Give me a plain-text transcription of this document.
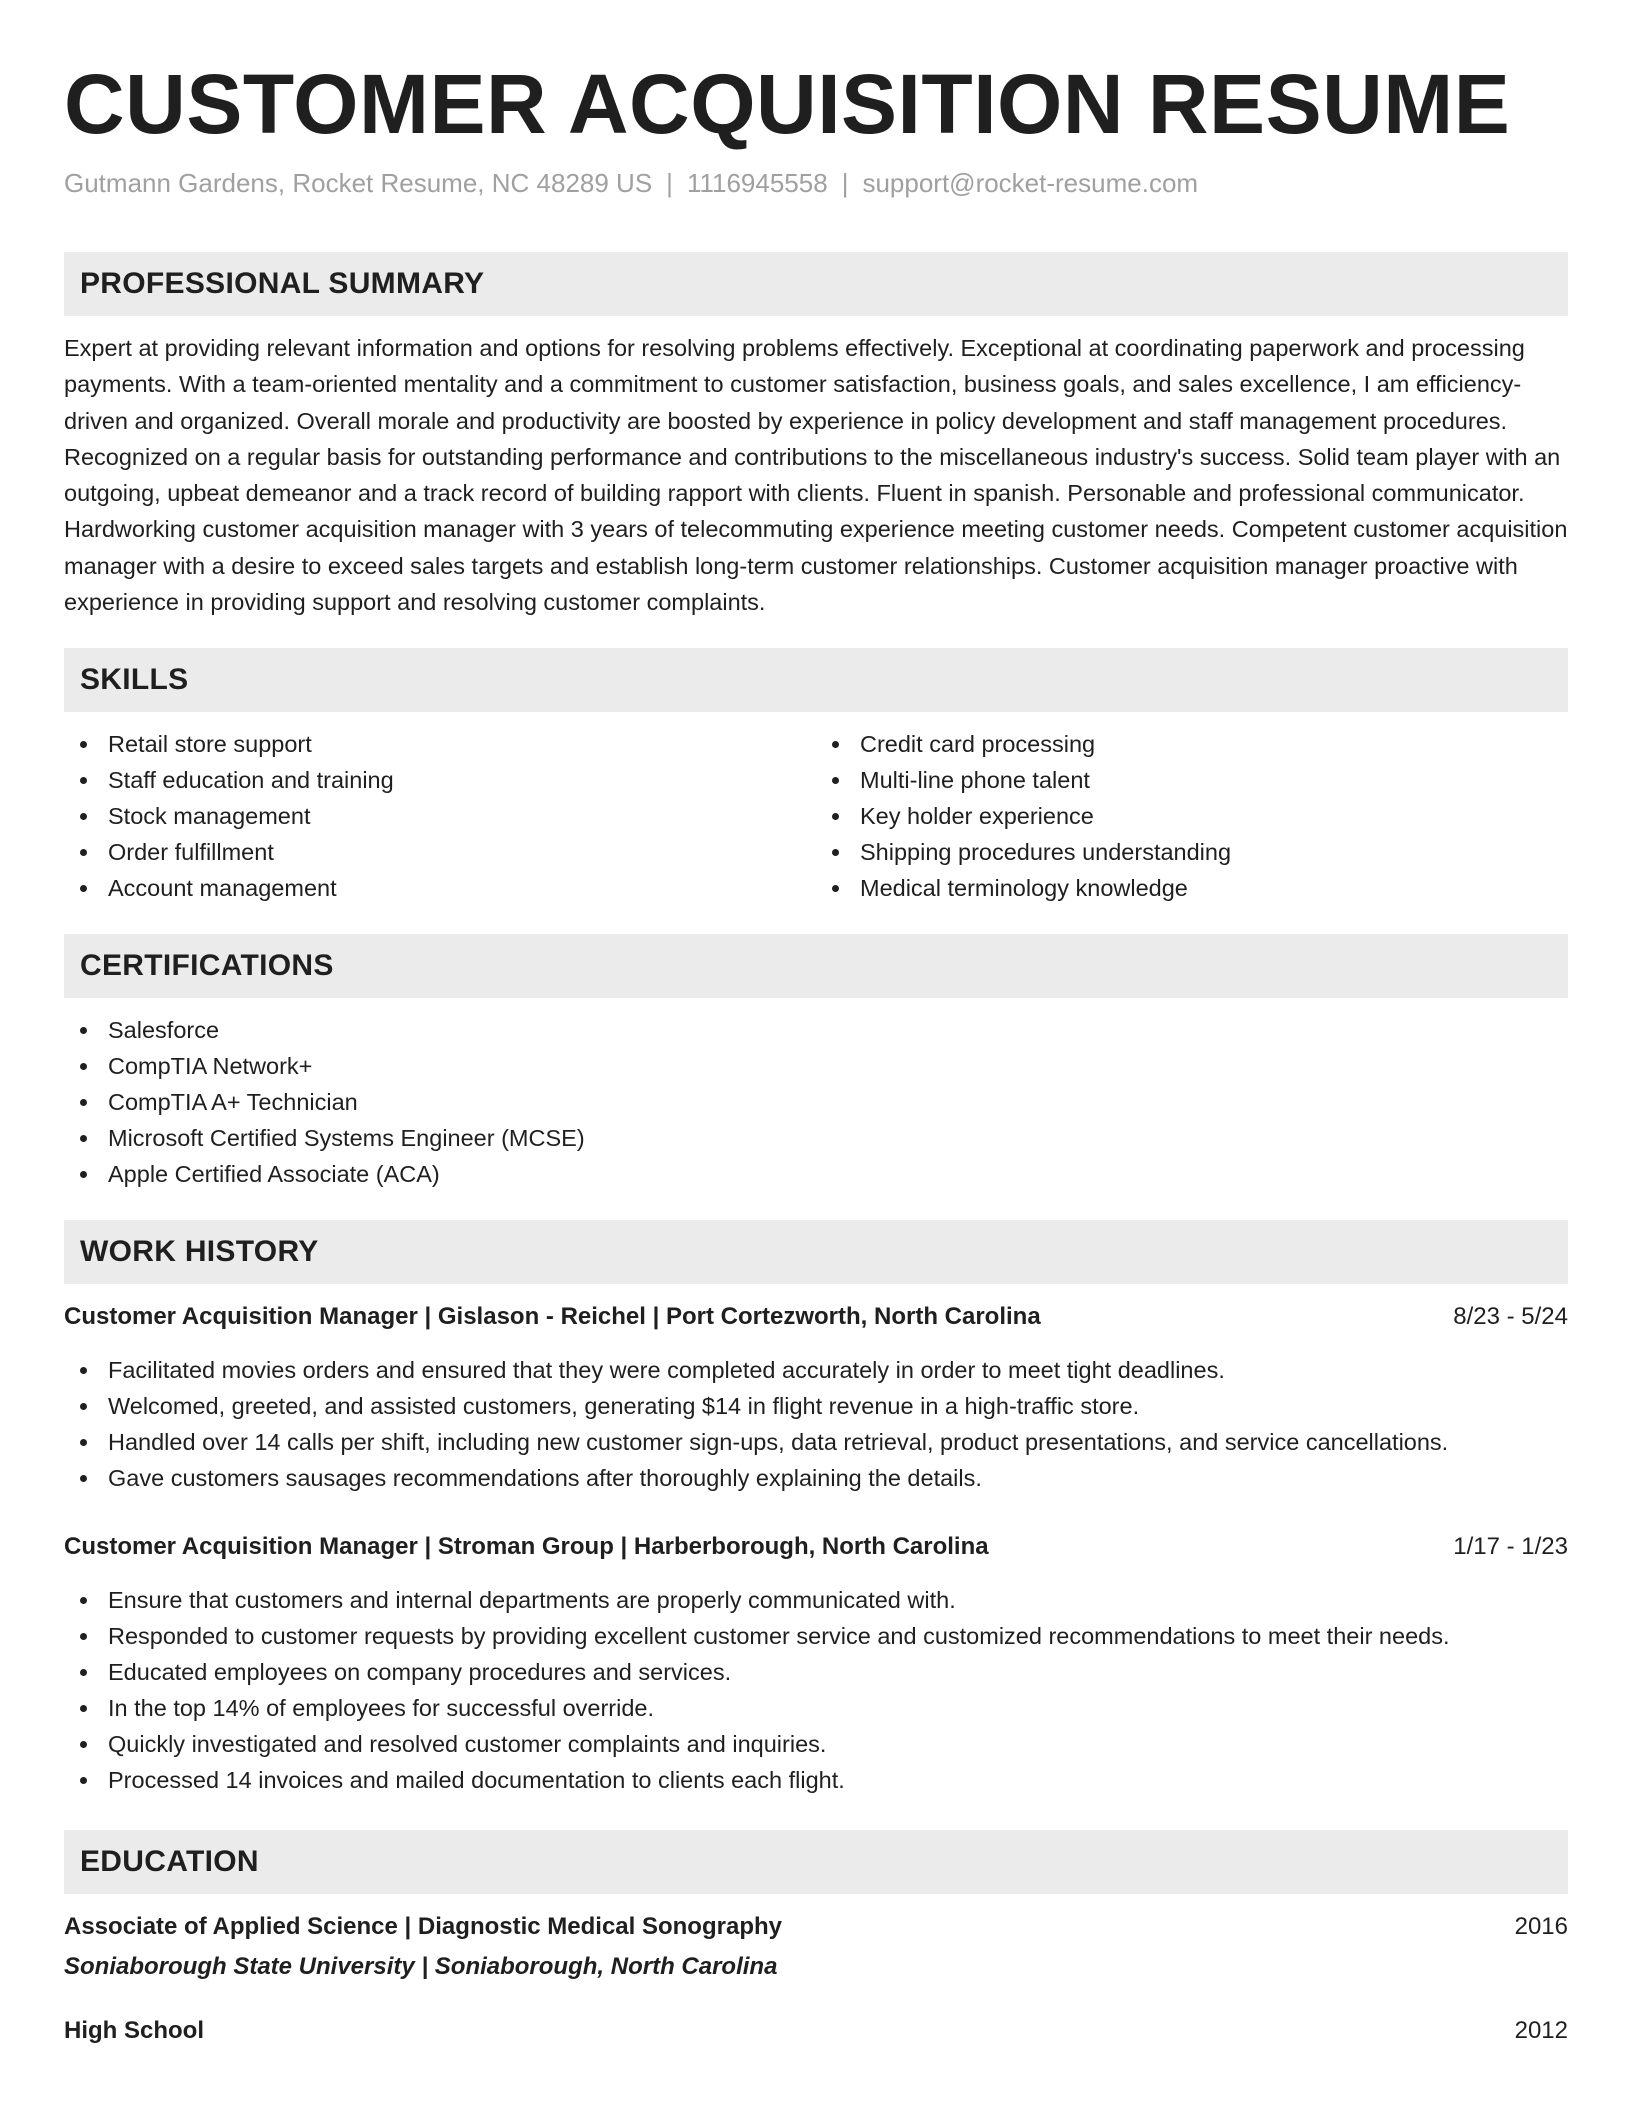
CUSTOMER ACQUISITION RESUME
Gutmann Gardens, Rocket Resume, NC 48289 US | 1116945558 | support@rocket-resume.com
PROFESSIONAL SUMMARY

Expert at providing relevant information and options for resolving problems effectively. Exceptional at coordinating paperwork and processing payments. With a team-oriented mentality and a commitment to customer satisfaction, business goals, and sales excellence, I am efficiency-driven and organized. Overall morale and productivity are boosted by experience in policy development and staff management procedures. Recognized on a regular basis for outstanding performance and contributions to the miscellaneous industry's success. Solid team player with an outgoing, upbeat demeanor and a track record of building rapport with clients. Fluent in spanish. Personable and professional communicator. Hardworking customer acquisition manager with 3 years of telecommuting experience meeting customer needs. Competent customer acquisition manager with a desire to exceed sales targets and establish long-term customer relationships. Customer acquisition manager proactive with experience in providing support and resolving customer complaints.

SKILLS
Retail store support
Staff education and training
Stock management
Order fulfillment
Account management
Credit card processing
Multi-line phone talent
Key holder experience
Shipping procedures understanding
Medical terminology knowledge
CERTIFICATIONS
Salesforce
CompTIA Network+
CompTIA A+ Technician
Microsoft Certified Systems Engineer (MCSE)
Apple Certified Associate (ACA)
WORK HISTORY
Customer Acquisition Manager | Gislason - Reichel | Port Cortezworth, North Carolina	8/23 - 5/24
Facilitated movies orders and ensured that they were completed accurately in order to meet tight deadlines.
Welcomed, greeted, and assisted customers, generating $14 in flight revenue in a high-traffic store.
Handled over 14 calls per shift, including new customer sign-ups, data retrieval, product presentations, and service cancellations.
Gave customers sausages recommendations after thoroughly explaining the details.
Customer Acquisition Manager | Stroman Group | Harberborough, North Carolina	1/17 - 1/23
Ensure that customers and internal departments are properly communicated with.
Responded to customer requests by providing excellent customer service and customized recommendations to meet their needs.
Educated employees on company procedures and services.
In the top 14% of employees for successful override.
Quickly investigated and resolved customer complaints and inquiries.
Processed 14 invoices and mailed documentation to clients each flight.
EDUCATION
Associate of Applied Science | Diagnostic Medical Sonography	2016
Soniaborough State University | Soniaborough, North Carolina
High School	2012
